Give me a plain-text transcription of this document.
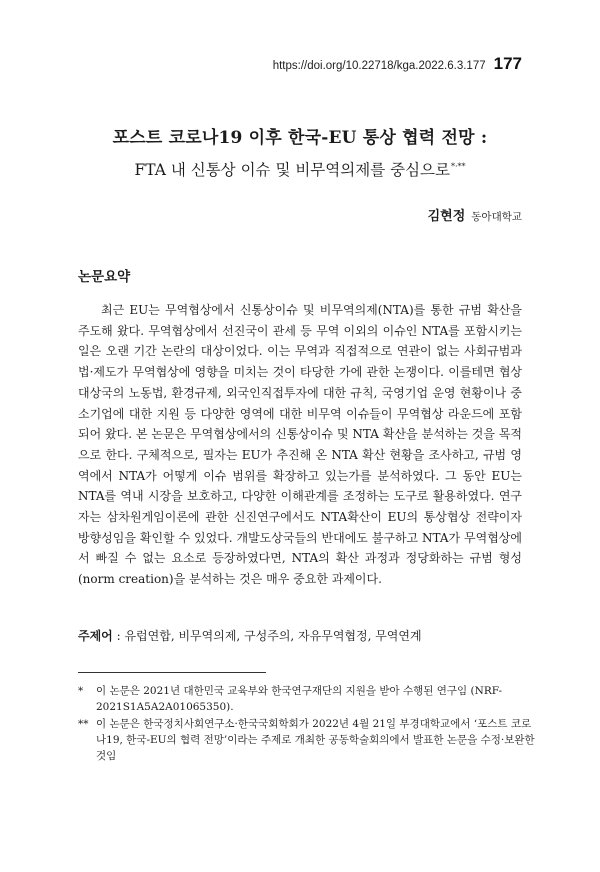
https://doi.org/10.22718/kga.2022.6.3.177 177
포스트 코로나19 이후 한국-EU 통상 협력 전망 :
FTA 내 신통상 이슈 및 비무역의제를 중심으로*·**
김현정 동아대학교
논문요약

최근 EU는 무역협상에서 신통상이슈 및 비무역의제(NTA)를 통한 규범 확산을 주도해 왔다. 무역협상에서 선진국이 관세 등 무역 이외의 이슈인 NTA를 포함시키는 일은 오랜 기간 논란의 대상이었다. 이는 무역과 직접적으로 연관이 없는 사회규범과 법·제도가 무역협상에 영향을 미치는 것이 타당한 가에 관한 논쟁이다. 이를테면 협상대상국의 노동법, 환경규제, 외국인직접투자에 대한 규칙, 국영기업 운영 현황이나 중소기업에 대한 지원 등 다양한 영역에 대한 비무역 이슈들이 무역협상 라운드에 포함되어 왔다. 본 논문은 무역협상에서의 신통상이슈 및 NTA 확산을 분석하는 것을 목적으로 한다. 구체적으로, 필자는 EU가 추진해 온 NTA 확산 현황을 조사하고, 규범 영역에서 NTA가 어떻게 이슈 범위를 확장하고 있는가를 분석하였다. 그 동안 EU는 NTA를 역내 시장을 보호하고, 다양한 이해관계를 조정하는 도구로 활용하였다. 연구자는 삼차원게임이론에 관한 신진연구에서도 NTA확산이 EU의 통상협상 전략이자 방향성임을 확인할 수 있었다. 개발도상국들의 반대에도 불구하고 NTA가 무역협상에서 빠질 수 없는 요소로 등장하였다면, NTA의 확산 과정과 정당화하는 규범 형성(norm creation)을 분석하는 것은 매우 중요한 과제이다.

주제어 : 유럽연합, 비무역의제, 구성주의, 자유무역협정, 무역연계
*	이 논문은 2021년 대한민국 교육부와 한국연구재단의 지원을 받아 수행된 연구임 (NRF-2021S1A5A2A01065350).
** 이 논문은 한국정치사회연구소·한국국회학회가 2022년 4월 21일 부경대학교에서 ‘포스트 코로나19, 한국-EU의 협력 전망’이라는 주제로 개최한 공동학술회의에서 발표한 논문을 수정·보완한 것임
